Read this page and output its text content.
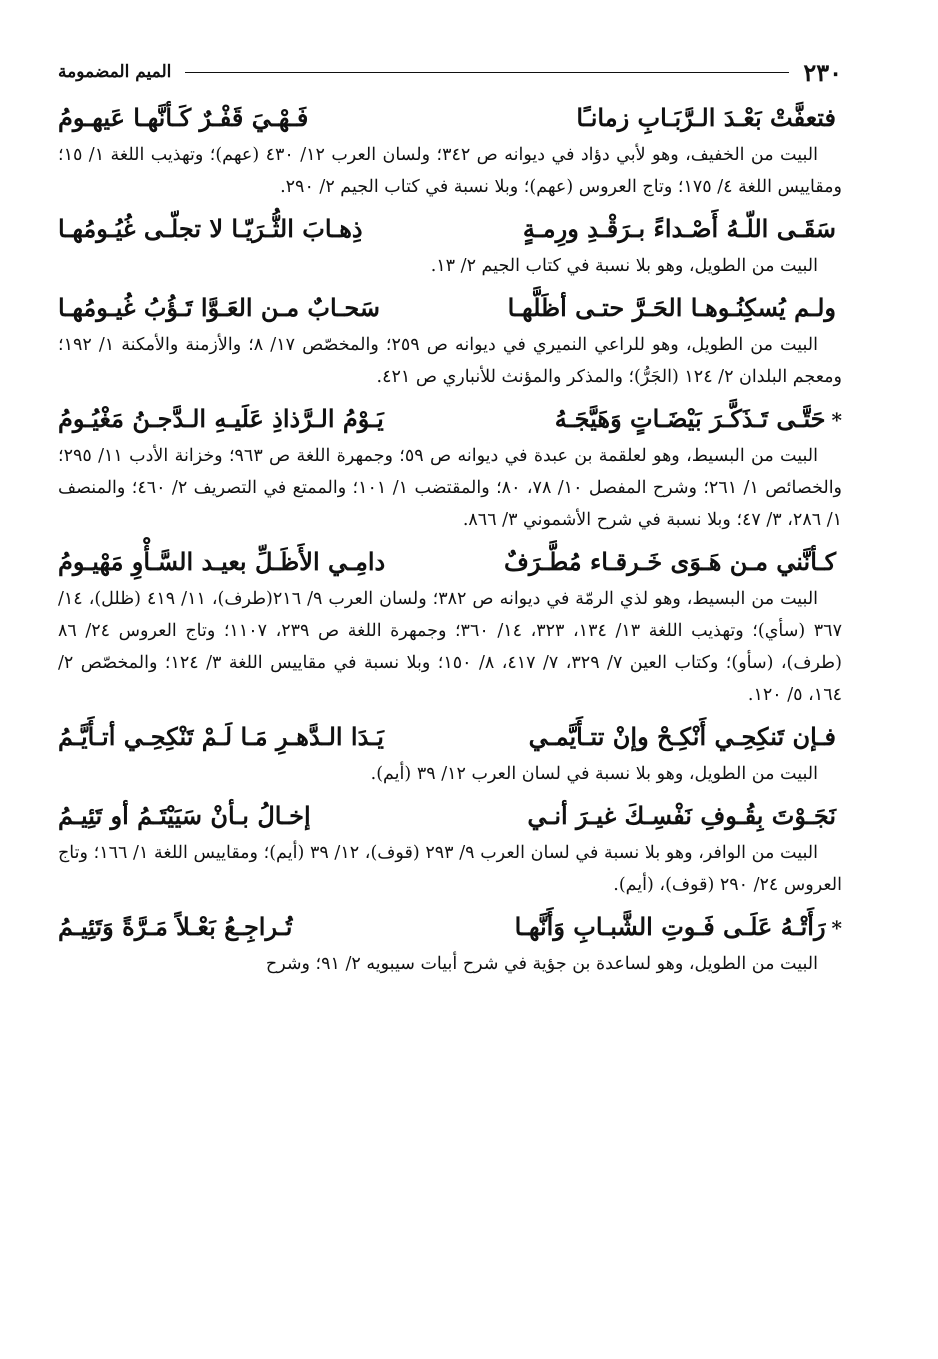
٢٣٠
الميم المضمومة
فتعفَّتْ بَعْـدَ الـرَّبَـابِ زمانـًا
فَـهْـيَ قَفْـرٌ كَـأنَّهـا عَيهـومُ

البيت من الخفيف، وهو لأبي دؤاد في ديوانه ص ٣٤٢؛ ولسان العرب ١٢/ ٤٣٠ (عهم)؛ وتهذيب اللغة ١/ ١٥؛ ومقاييس اللغة ٤/ ١٧٥؛ وتاج العروس (عهم)؛ وبلا نسبة في كتاب الجيم ٢/ ٢٩٠.

سَقَـى اللّـهُ أَصْـداءً بـرَقْـدِ ورِمـةٍ
ذِهـابَ الثُّـرَيّـا لا تجلّـى غُيُـومُهـا

البيت من الطويل، وهو بلا نسبة في كتاب الجيم ٢/ ١٣.

ولـم يُسكِنُـوهـا الحَـرَّ حتـى أظَلَّهـا
سَحـابٌ مـن العَـوَّا تَـؤُبُ غُيـومُهـا

البيت من الطويل، وهو للراعي النميري في ديوانه ص ٢٥٩؛ والمخصّص ١٧/ ٨؛ والأزمنة والأمكنة ١/ ١٩٢؛ ومعجم البلدان ٢/ ١٢٤ (الجَرُّ)؛ والمذكر والمؤنث للأنباري ص ٤٢١.

*حَتَّـى تَـذَكَّـرَ بَيْضَـاتٍ وَهَيَّجَـهُ
يَـوْمُ الـرَّذاذِ عَلَيـهِ الـدَّجـنُ مَغْيُـومُ

البيت من البسيط، وهو لعلقمة بن عبدة في ديوانه ص ٥٩؛ وجمهرة اللغة ص ٩٦٣؛ وخزانة الأدب ١١/ ٢٩٥؛ والخصائص ١/ ٢٦١؛ وشرح المفصل ١٠/ ٧٨، ٨٠؛ والمقتضب ١/ ١٠١؛ والممتع في التصريف ٢/ ٤٦٠؛ والمنصف ١/ ٢٨٦، ٣/ ٤٧؛ وبلا نسبة في شرح الأشموني ٣/ ٨٦٦.

كـأنَّني مـن هَـوَى خَـرقـاء مُطَّـرَفٌ
دامِـي الأَظَـلِّ بعيـد السَّـأْوِ مَهْيـومُ

البيت من البسيط، وهو لذي الرمّة في ديوانه ص ٣٨٢؛ ولسان العرب ٩/ ٢١٦(طرف)، ١١/ ٤١٩ (ظلل)، ١٤/ ٣٦٧ (سأي)؛ وتهذيب اللغة ١٣/ ١٣٤، ٣٢٣، ١٤/ ٣٦٠؛ وجمهرة اللغة ص ٢٣٩، ١١٠٧؛ وتاج العروس ٢٤/ ٨٦ (طرف)، (سأو)؛ وكتاب العين ٧/ ٣٢٩، ٧/ ٤١٧، ٨/ ١٥٠؛ وبلا نسبة في مقاييس اللغة ٣/ ١٢٤؛ والمخصّص ٢/ ١٦٤، ٥/ ١٢٠.

فـإن تَنكِحِـي أَنْكِـحْ وإنْ تتـأَيَّمـي
يَـدَا الـدَّهـرِ مَـا لَـمْ تَنْكِحِـي أتـأَيَّـمُ

البيت من الطويل، وهو بلا نسبة في لسان العرب ١٢/ ٣٩ (أيم).

نَجَـوْتَ بِقُـوفِ نَفْسِـكَ غيـرَ أنـي
إخـالُ بـأنْ سَيَيْتَـمُ أو تَئِيـمُ

البيت من الوافر، وهو بلا نسبة في لسان العرب ٩/ ٢٩٣ (قوف)، ١٢/ ٣٩ (أيم)؛ ومقاييس اللغة ١/ ١٦٦؛ وتاج العروس ٢٤/ ٢٩٠ (قوف)، (أيم).

*رَأَتْـهُ عَلَـى فَـوتِ الشَّبـابِ وَأَنَّهـا
تُـراجِـعُ بَعْـلاً مَـرَّةً وَتَئِيـمُ

البيت من الطويل، وهو لساعدة بن جؤية في شرح أبيات سيبويه ٢/ ٩١؛ وشرح
